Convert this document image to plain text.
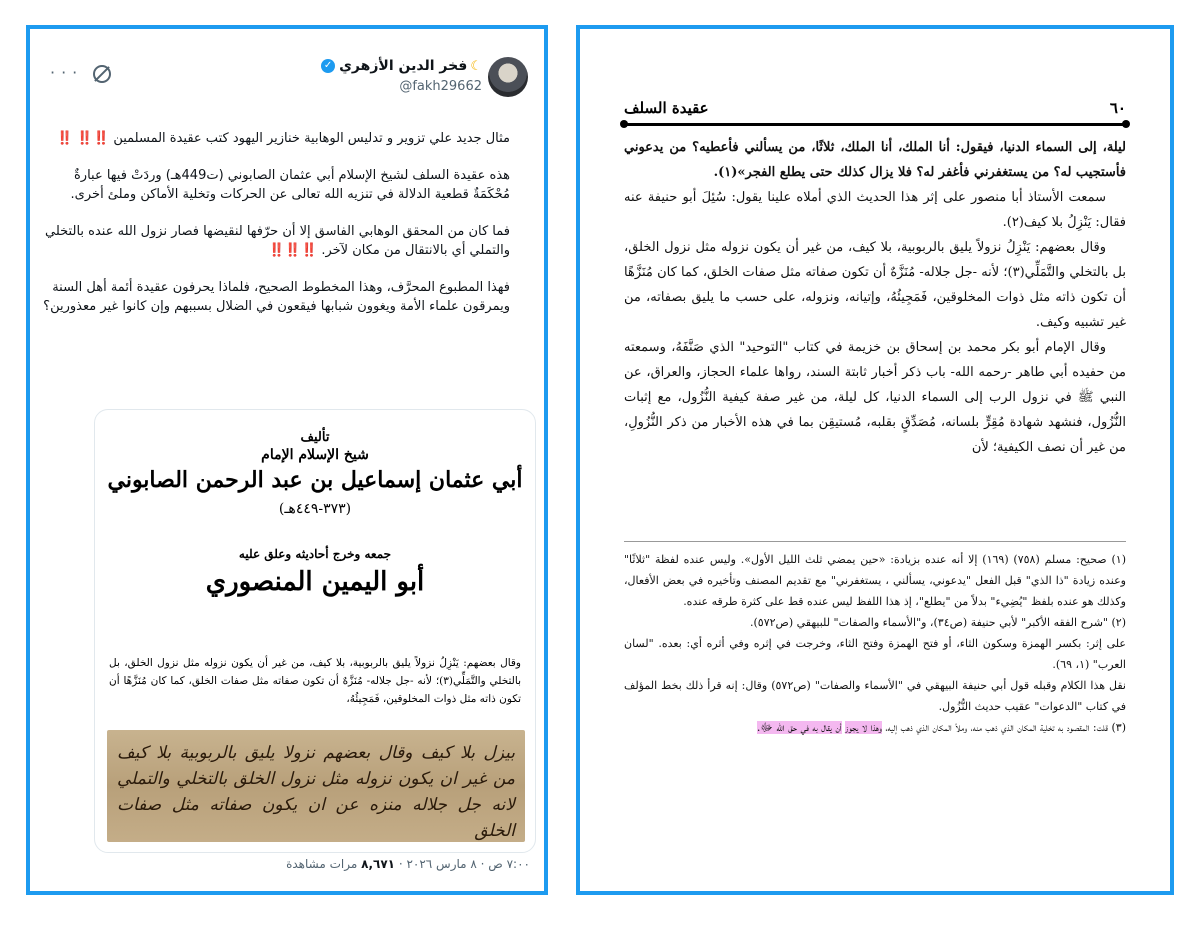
☾فخر الدين الأزهري✓
@fakh29662
···

مثال جديد علي تزوير و تدليس الوهابية خنازير اليهود كتب عقيدة المسلمين ‼️‼️ ‼️

هذه عقيدة السلف لشيخ الإسلام أبي عثمان الصابوني (ت449هـ) وردَتْ فيها عبارةٌ مُحْكَمَةٌ قطعية الدلالة في تنزيه الله تعالى عن الحركات وتخلية الأماكن وملئ أخرى.

فما كان من المحقق الوهابي الفاسق إلا أن حرّفها لنقيضها فصار نزول الله عنده بالتخلي والتملي أي بالانتقال من مكان لآخر. ‼️‼️‼️

فهذا المطبوع المحرَّف، وهذا المخطوط الصحيح، فلماذا يحرفون عقيدة أئمة أهل السنة ويمرقون علماء الأمة ويغوون شبابها فيقعون في الضلال بسببهم وإن كانوا غير معذورين؟

تأليف
شيخ الإسلام الإمام
أبي عثمان إسماعيل بن عبد الرحمن الصابوني
(٣٧٣-٤٤٩هـ)
جمعه وخرج أحاديثه وعلق عليه
أبو اليمين المنصوري
وقال بعضهم: يَنْزِلُ نزولاً يليق بالربوبية، بلا كيف، من غير أن يكون نزوله مثل نزول الخلق، بل بالتخلي والتَّمَلِّي(٣)؛ لأنه -جل جلاله- مُنَزَّهٌ أن تكون صفاته مثل صفات الخلق، كما كان مُنَزَّهًا أن تكون ذاته مثل ذوات المخلوقين، فَمَجِيئُهُ،
بيزل بلا كيف وقال بعضهم نزولا يليق بالربوبية بلا كيف من غير ان يكون نزوله مثل نزول الخلق بالتخلي والتملي لانه جل جلاله منزه عن ان يكون صفاته مثل صفات الخلق
٧:٠٠ ص · ٨ مارس ٢٠٢٦ · ٨,٦٧١ مرات مشاهدة
٦٠
عقيدة السلف

ليلة، إلى السماء الدنيا، فيقول: أنا الملك، أنا الملك، ثلاثًا، من يسألني فأعطيه؟ من يدعوني فأستجيب له؟ من يستغفرني فأغفر له؟ فلا يزال كذلك حتى يطلع الفجر»(١).

سمعت الأستاذ أبا منصور على إثر هذا الحديث الذي أملاه علينا يقول: سُئِلَ أبو حنيفة عنه فقال: يَنْزِلُ بلا كيف(٢).

وقال بعضهم: يَنْزِلُ نزولاً يليق بالربوبية، بلا كيف، من غير أن يكون نزوله مثل نزول الخلق، بل بالتخلي والتَّمَلِّي(٣)؛ لأنه -جل جلاله- مُنَزَّهٌ أن تكون صفاته مثل صفات الخلق، كما كان مُنَزَّهًا أن تكون ذاته مثل ذوات المخلوقين، فَمَجِيئُهُ، وإتيانه، ونزوله، على حسب ما يليق بصفاته، من غير تشبيه وكيف.

وقال الإمام أبو بكر محمد بن إسحاق بن خزيمة في كتاب "التوحيد" الذي صَنَّفَهُ، وسمعته من حفيده أبي طاهر -رحمه الله- باب ذكر أخبار ثابتة السند، رواها علماء الحجاز، والعراق، عن النبي ﷺ في نزول الرب إلى السماء الدنيا، كل ليلة، من غير صفة كيفية النُّزُول، مع إثبات النُّزُول، فنشهد شهادة مُقِرٍّ بلسانه، مُصَدِّقٍ بقلبه، مُستيقِن بما في هذه الأخبار من ذكر النُّزُولِ، من غير أن نصف الكيفية؛ لأن

(١) صحيح: مسلم (٧٥٨) (١٦٩) إلا أنه عنده بزيادة: «حين يمضي ثلث الليل الأول». وليس عنده لفظة "ثلاثًا" وعنده زيادة "ذا الذي" قبل الفعل "يدعوني، يسألني ، يستغفرني" مع تقديم المصنف وتأخيره في بعض الأفعال، وكذلك هو عنده بلفظ "يُضِيء" بدلاً من "يطلع"، إذ هذا اللفظ ليس عنده قط على كثرة طرقه عنده.

(٢) "شرح الفقه الأكبر" لأبي حنيفة (ص٣٤)، و"الأسماء والصفات" للبيهقي (ص٥٧٢).

على إثر: بكسر الهمزة وسكون الثاء، أو فتح الهمزة وفتح الثاء، وخرجت في إثره وفي أثره أي: بعده. "لسان العرب" (١، ٦٩).

نقل هذا الكلام وقبله قول أبي حنيفة البيهقي في "الأسماء والصفات" (ص٥٧٢) وقال: إنه قرأ ذلك بخط المؤلف في كتاب "الدعوات" عقيب حديث النُّزُول.

(٣) قلت: المقصود به تخلية المكان الذي ذهب منه، وملأ المكان الذي ذهب إليه، وهذا لا يجوز أن يقال به في حق الله ﷻ.
